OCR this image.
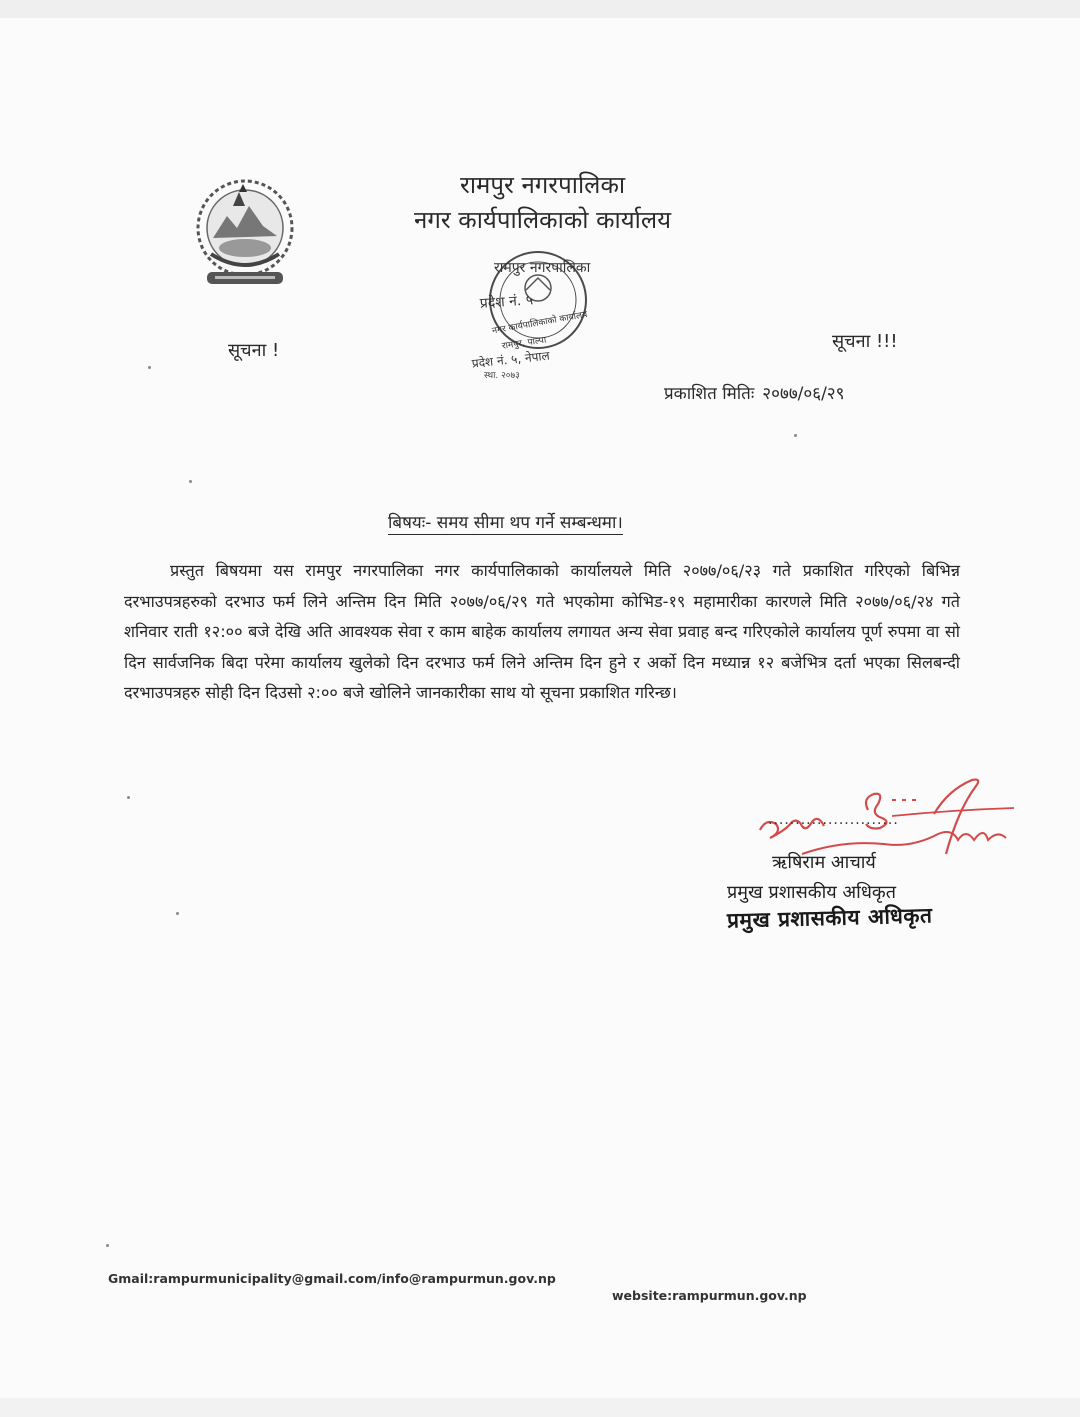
रामपुर नगरपालिका
नगर कार्यपालिकाको कार्यालय
रामपुर नगरपालिका
प्रदेश नं. ५
नगर कार्यपालिकाको कार्यालय
रामपुर, पाल्पा
प्रदेश नं. ५, नेपाल
स्था. २०७३
सूचना !	सूचना !!!
प्रकाशित मितिः २०७७/०६/२९
बिषयः- समय सीमा थप गर्ने सम्बन्धमा।

प्रस्तुत बिषयमा यस रामपुर नगरपालिका नगर कार्यपालिकाको कार्यालयले मिति २०७७/०६/२३ गते प्रकाशित गरिएको बिभिन्न दरभाउपत्रहरुको दरभाउ फर्म लिने अन्तिम दिन मिति २०७७/०६/२९ गते भएकोमा कोभिड-१९ महामारीका कारणले मिति २०७७/०६/२४ गते शनिवार राती १२:०० बजे देखि अति आवश्यक सेवा र काम बाहेक कार्यालय लगायत अन्य सेवा प्रवाह बन्द गरिएकोले कार्यालय पूर्ण रुपमा वा सो दिन सार्वजनिक बिदा परेमा कार्यालय खुलेको दिन दरभाउ फर्म लिने अन्तिम दिन हुने र अर्को दिन मध्यान्न १२ बजेभित्र दर्ता भएका सिलबन्दी दरभाउपत्रहरु सोही दिन दिउसो २:०० बजे खोलिने जानकारीका साथ यो सूचना प्रकाशित गरिन्छ।

........................
ऋषिराम आचार्य
प्रमुख प्रशासकीय अधिकृत
प्रमुख प्रशासकीय अधिकृत
Gmail:rampurmunicipality@gmail.com/info@rampurmun.gov.np
website:rampurmun.gov.np
